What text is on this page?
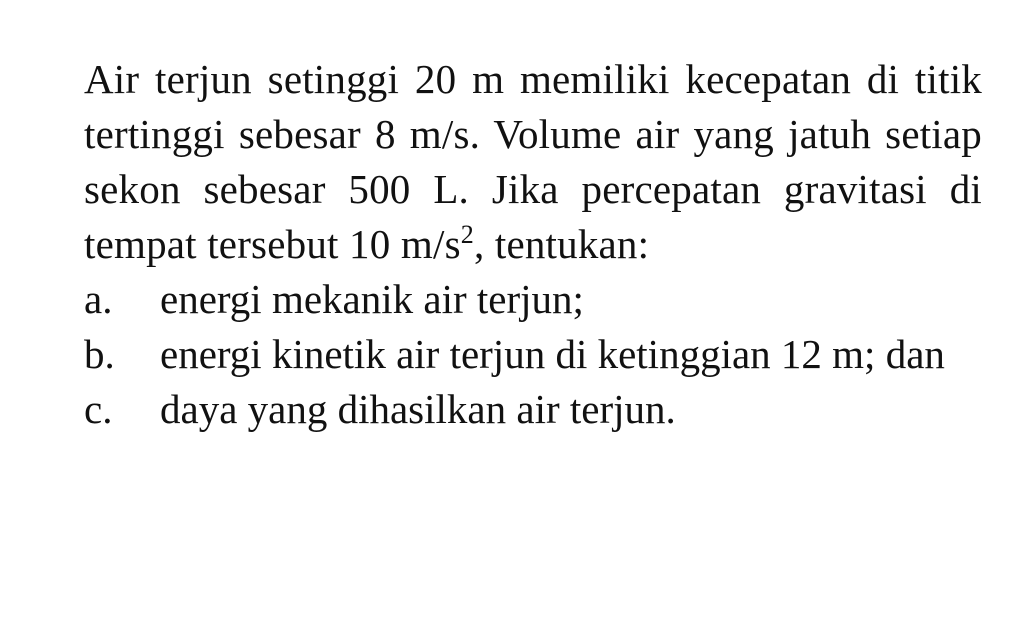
Air terjun setinggi 20 m memiliki kecepatan di titik tertinggi sebesar 8 m/s. Volume air yang jatuh setiap sekon sebesar 500 L. Jika percepatan gravitasi di tempat tersebut 10 $m/s^2$, tentukan:

a.	energi mekanik air terjun;
b.	energi kinetik air terjun di ketinggian 12 m; dan
c.	daya yang dihasilkan air terjun.
